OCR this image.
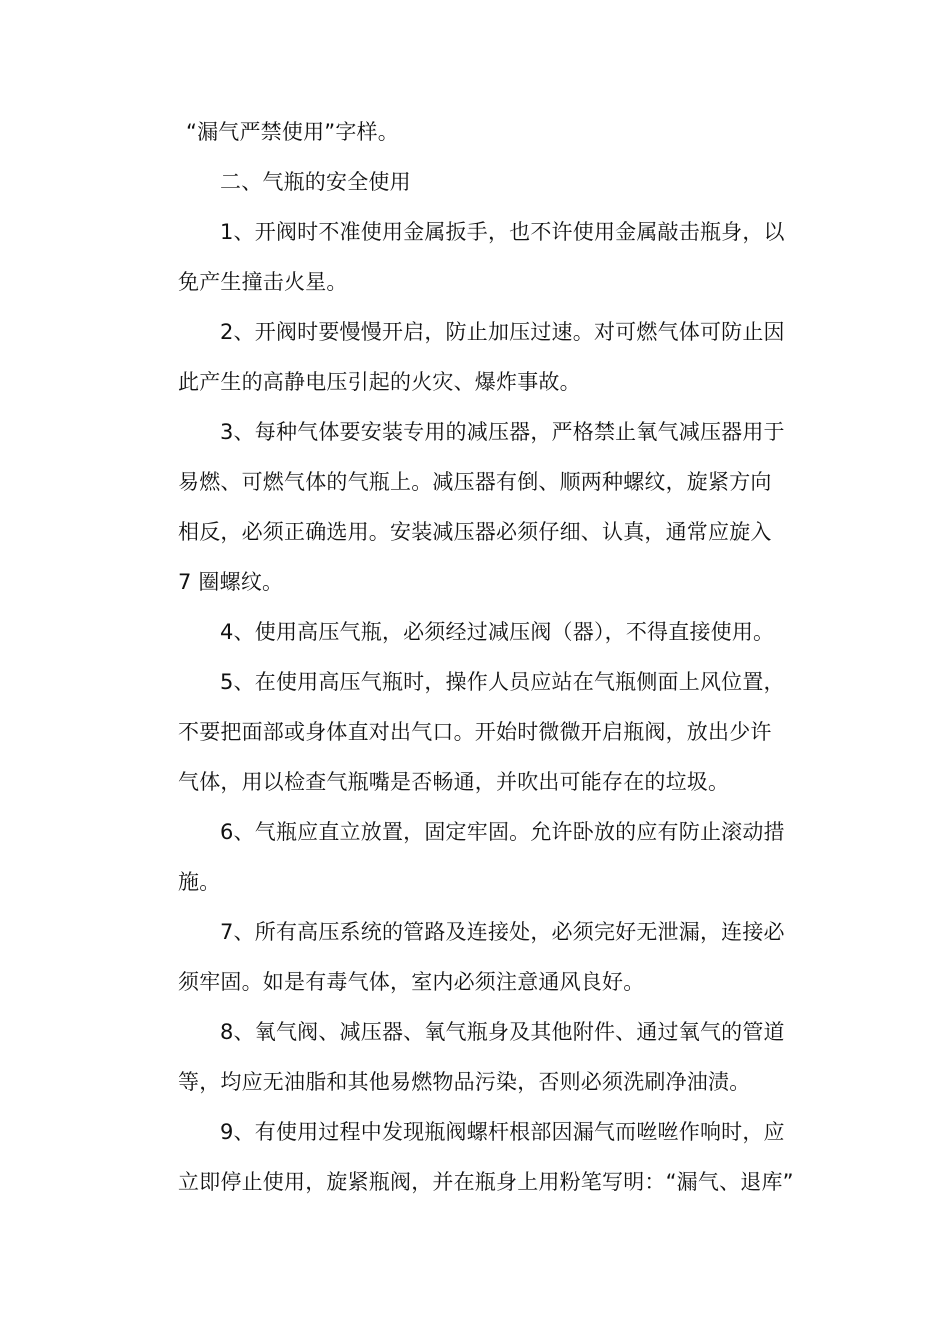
“漏气严禁使用”字样。
二、气瓶的安全使用
1、开阀时不准使用金属扳手，也不许使用金属敲击瓶身，以
免产生撞击火星。
2、开阀时要慢慢开启，防止加压过速。对可燃气体可防止因
此产生的高静电压引起的火灾、爆炸事故。
3、每种气体要安装专用的减压器，严格禁止氧气减压器用于
易燃、可燃气体的气瓶上。减压器有倒、顺两种螺纹，旋紧方向
相反，必须正确选用。安装减压器必须仔细、认真，通常应旋入
7 圈螺纹。
4、使用高压气瓶，必须经过减压阀（器），不得直接使用。
5、在使用高压气瓶时，操作人员应站在气瓶侧面上风位置，
不要把面部或身体直对出气口。开始时微微开启瓶阀，放出少许
气体，用以检查气瓶嘴是否畅通，并吹出可能存在的垃圾。
6、气瓶应直立放置，固定牢固。允许卧放的应有防止滚动措
施。
7、所有高压系统的管路及连接处，必须完好无泄漏，连接必
须牢固。如是有毒气体，室内必须注意通风良好。
8、氧气阀、减压器、氧气瓶身及其他附件、通过氧气的管道
等，均应无油脂和其他易燃物品污染，否则必须洗刷净油渍。
9、有使用过程中发现瓶阀螺杆根部因漏气而咝咝作响时，应
立即停止使用，旋紧瓶阀，并在瓶身上用粉笔写明：“漏气、退库”
